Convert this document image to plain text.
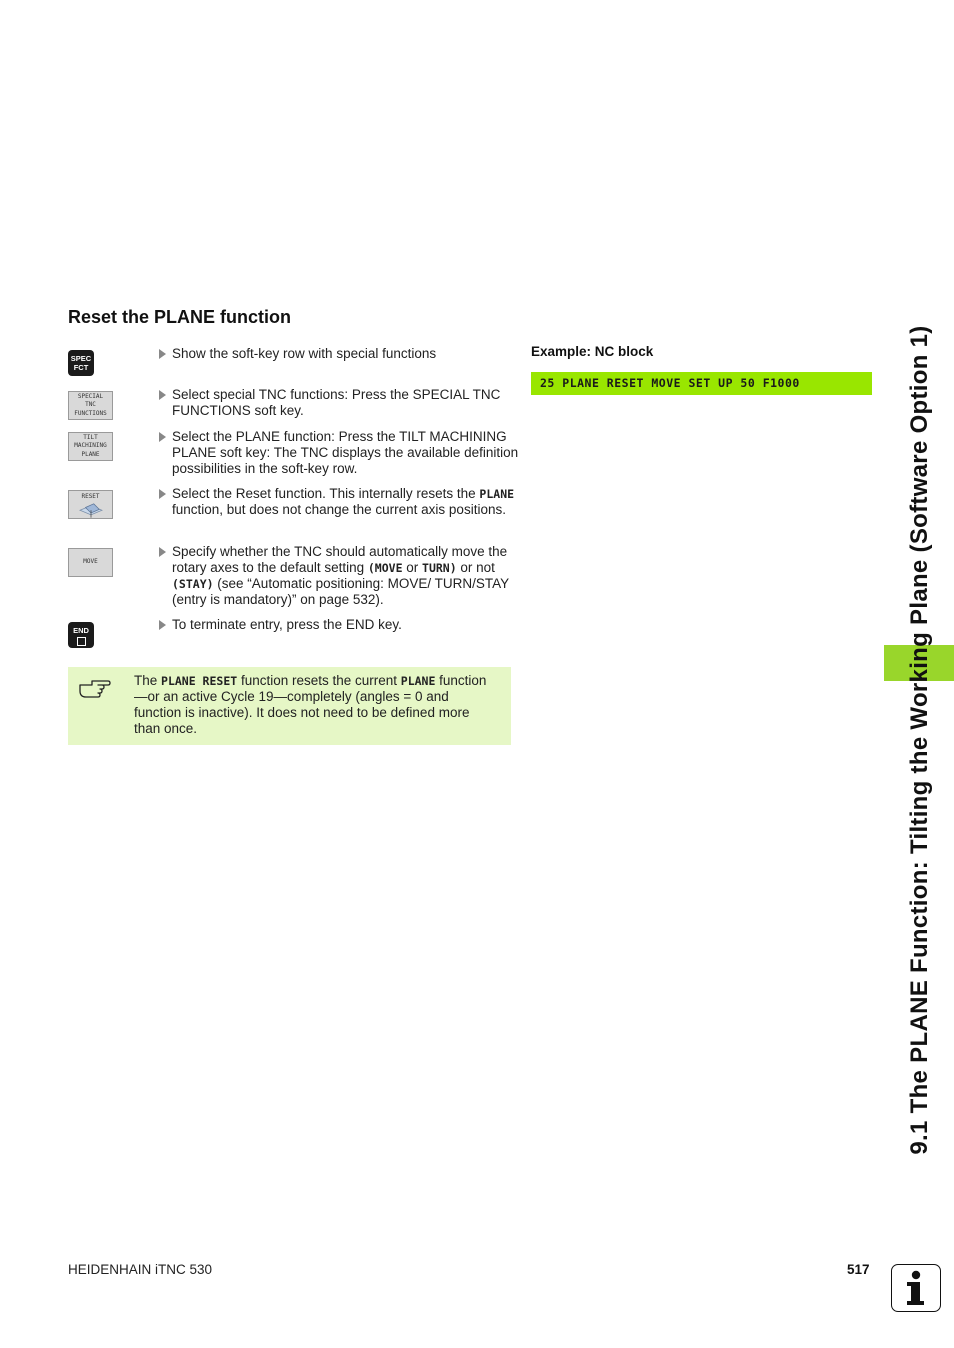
Reset the PLANE function
SPEC
FCT
Show the soft-key row with special functions
SPECIAL
TNC
FUNCTIONS
Select special TNC functions: Press the SPECIAL TNC FUNCTIONS soft key.
TILT
MACHINING
PLANE
Select the PLANE function: Press the TILT MACHINING PLANE soft key: The TNC displays the available definition possibilities in the soft-key row.
RESET	Select the Reset function. This internally resets the PLANE function, but does not change the current axis positions.
MOVE
Specify whether the TNC should automatically move the rotary axes to the default setting (MOVE or TURN) or not (STAY) (see “Automatic positioning: MOVE/ TURN/STAY (entry is mandatory)” on page 532).
END	To terminate entry, press the END key.
The PLANE RESET function resets the current PLANE function—or an active Cycle 19—completely (angles = 0 and function is inactive). It does not need to be defined more than once.
Example: NC block
25 PLANE RESET MOVE SET UP 50 F1000	9.1 The PLANE Function: Tilting the Working Plane (Software Option 1)
HEIDENHAIN iTNC 530	517
